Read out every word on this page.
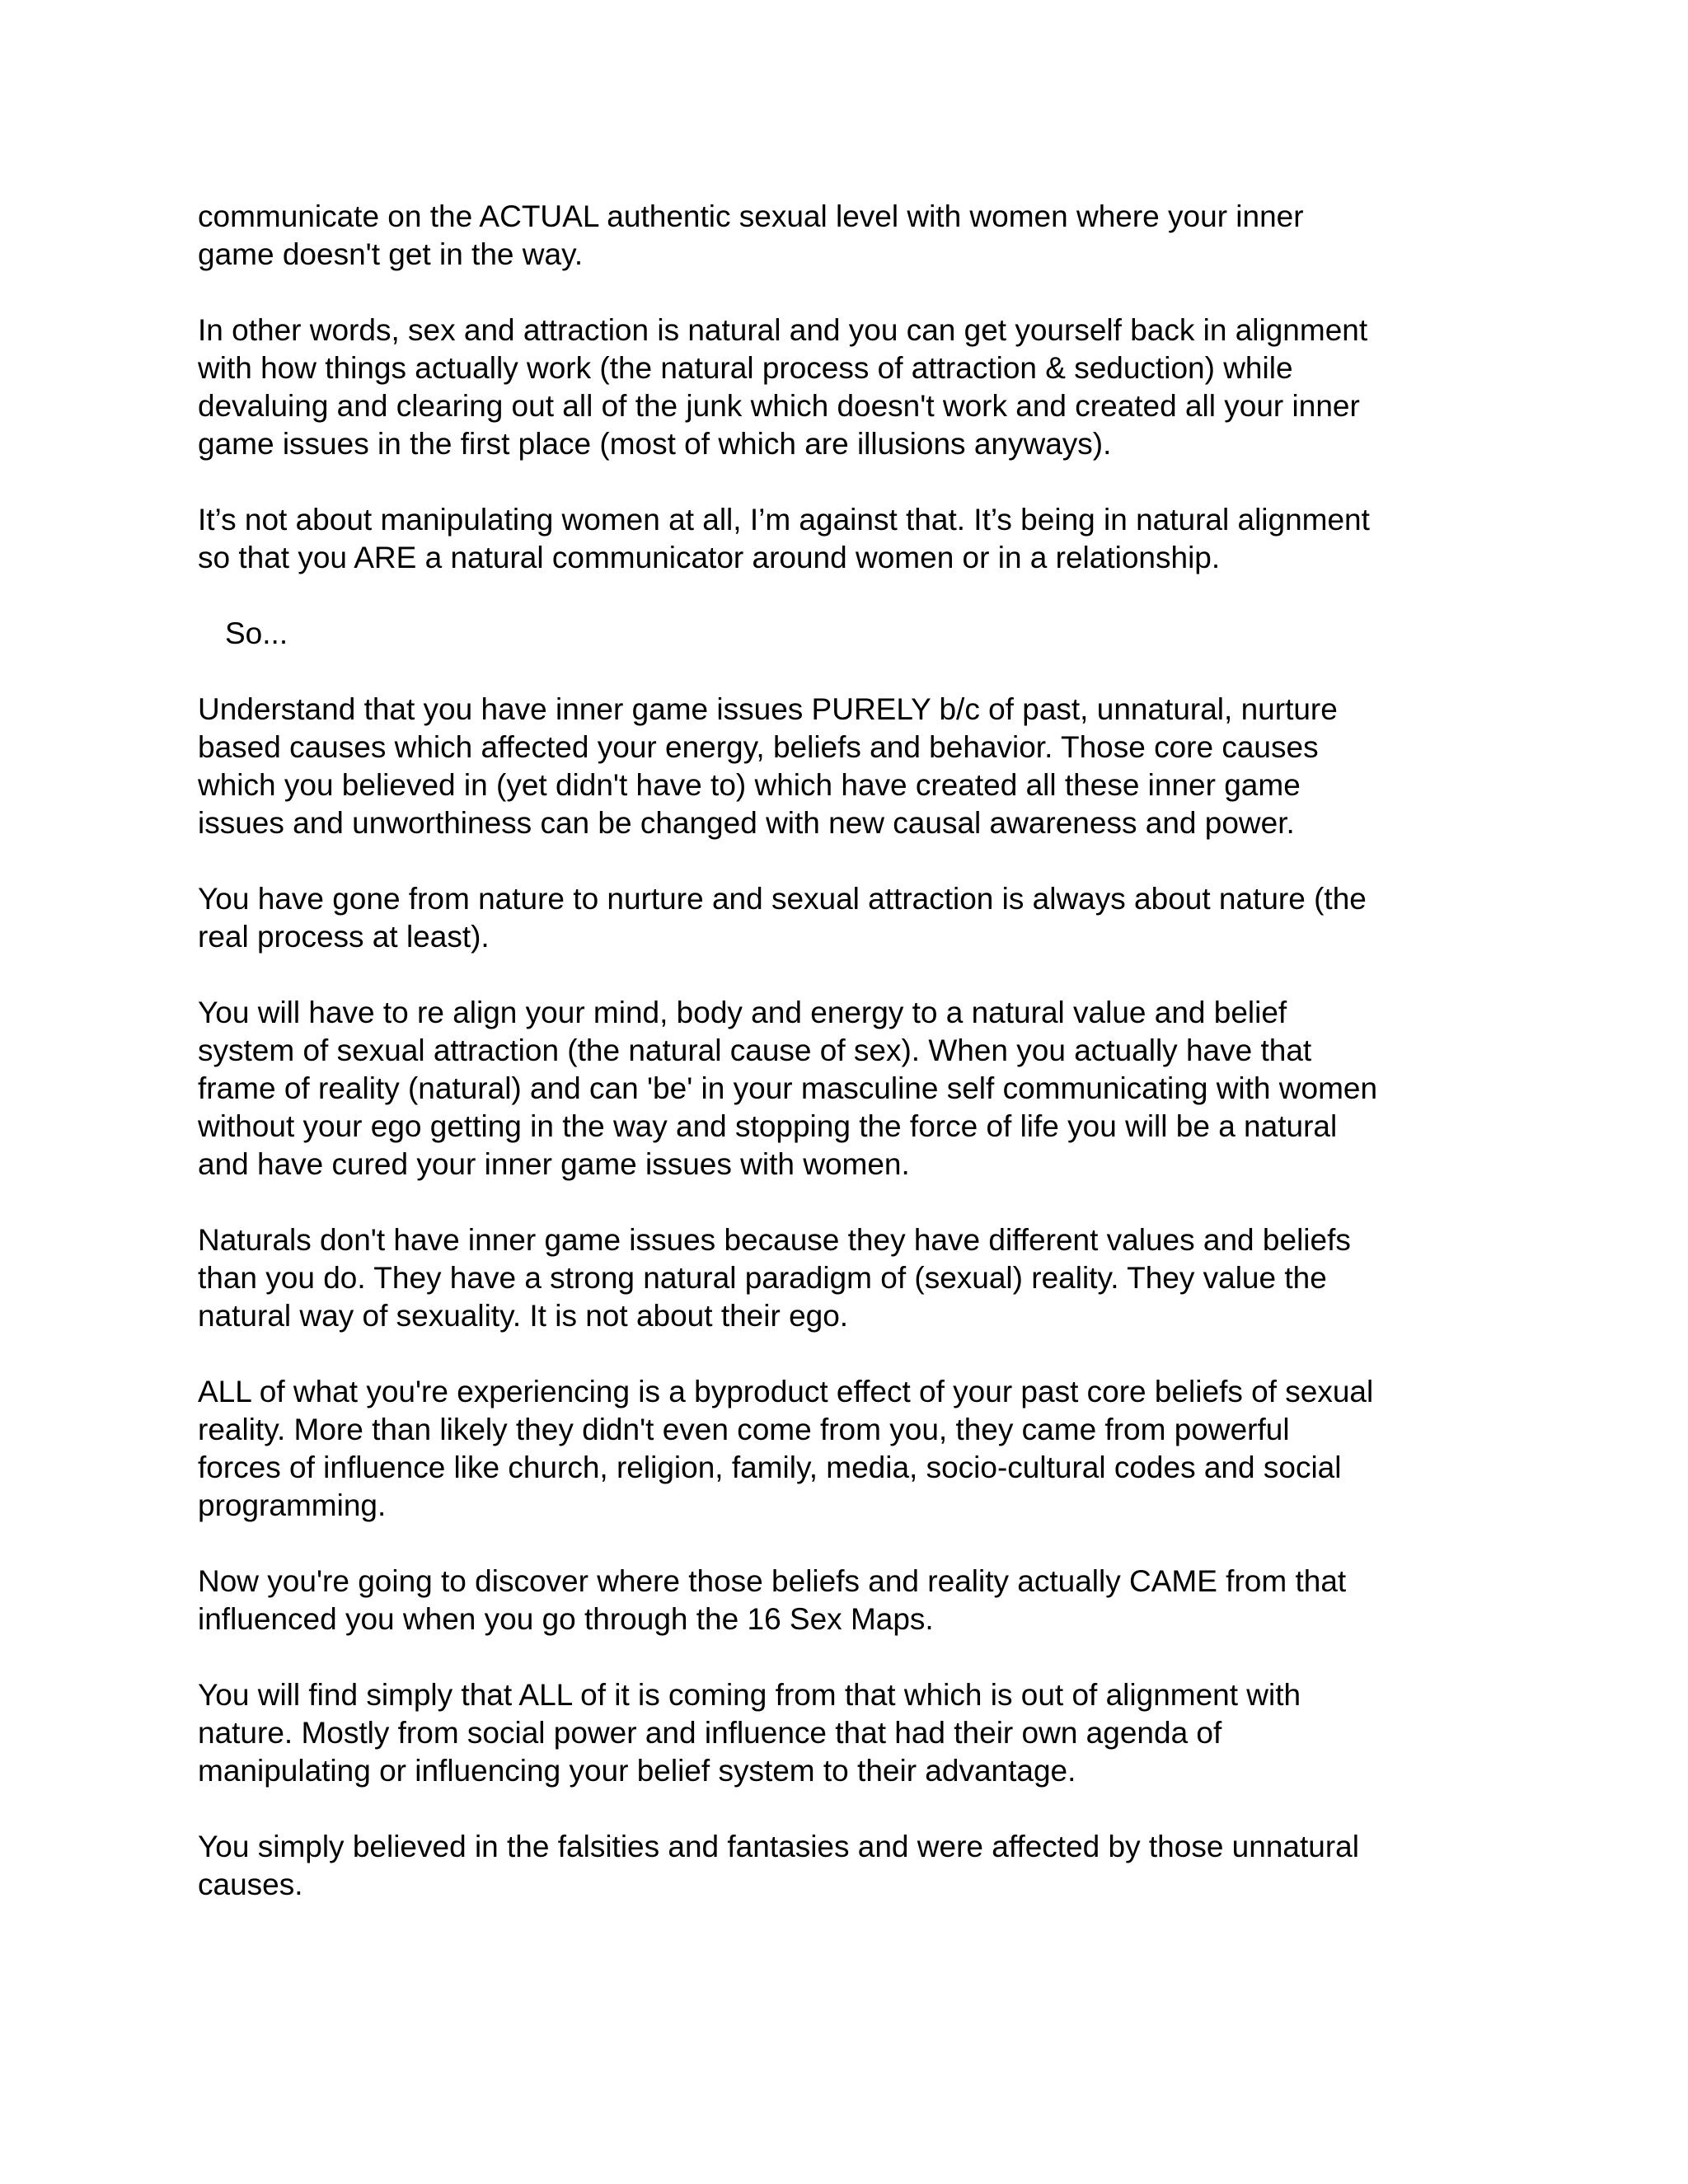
communicate on the ACTUAL authentic sexual level with women where your inner
game doesn't get in the way.

In other words, sex and attraction is natural and you can get yourself back in alignment
with how things actually work (the natural process of attraction & seduction) while
devaluing and clearing out all of the junk which doesn't work and created all your inner
game issues in the first place (most of which are illusions anyways).

It’s not about manipulating women at all, I’m against that. It’s being in natural alignment
so that you ARE a natural communicator around women or in a relationship.

So...

Understand that you have inner game issues PURELY b/c of past, unnatural, nurture
based causes which affected your energy, beliefs and behavior. Those core causes
which you believed in (yet didn't have to) which have created all these inner game
issues and unworthiness can be changed with new causal awareness and power.

You have gone from nature to nurture and sexual attraction is always about nature (the
real process at least).

You will have to re align your mind, body and energy to a natural value and belief
system of sexual attraction (the natural cause of sex). When you actually have that
frame of reality (natural) and can 'be' in your masculine self communicating with women
without your ego getting in the way and stopping the force of life you will be a natural
and have cured your inner game issues with women.

Naturals don't have inner game issues because they have different values and beliefs
than you do. They have a strong natural paradigm of (sexual) reality. They value the
natural way of sexuality. It is not about their ego.

ALL of what you're experiencing is a byproduct effect of your past core beliefs of sexual
reality. More than likely they didn't even come from you, they came from powerful
forces of influence like church, religion, family, media, socio-cultural codes and social
programming.

Now you're going to discover where those beliefs and reality actually CAME from that
influenced you when you go through the 16 Sex Maps.

You will find simply that ALL of it is coming from that which is out of alignment with
nature. Mostly from social power and influence that had their own agenda of
manipulating or influencing your belief system to their advantage.

You simply believed in the falsities and fantasies and were affected by those unnatural
causes.
